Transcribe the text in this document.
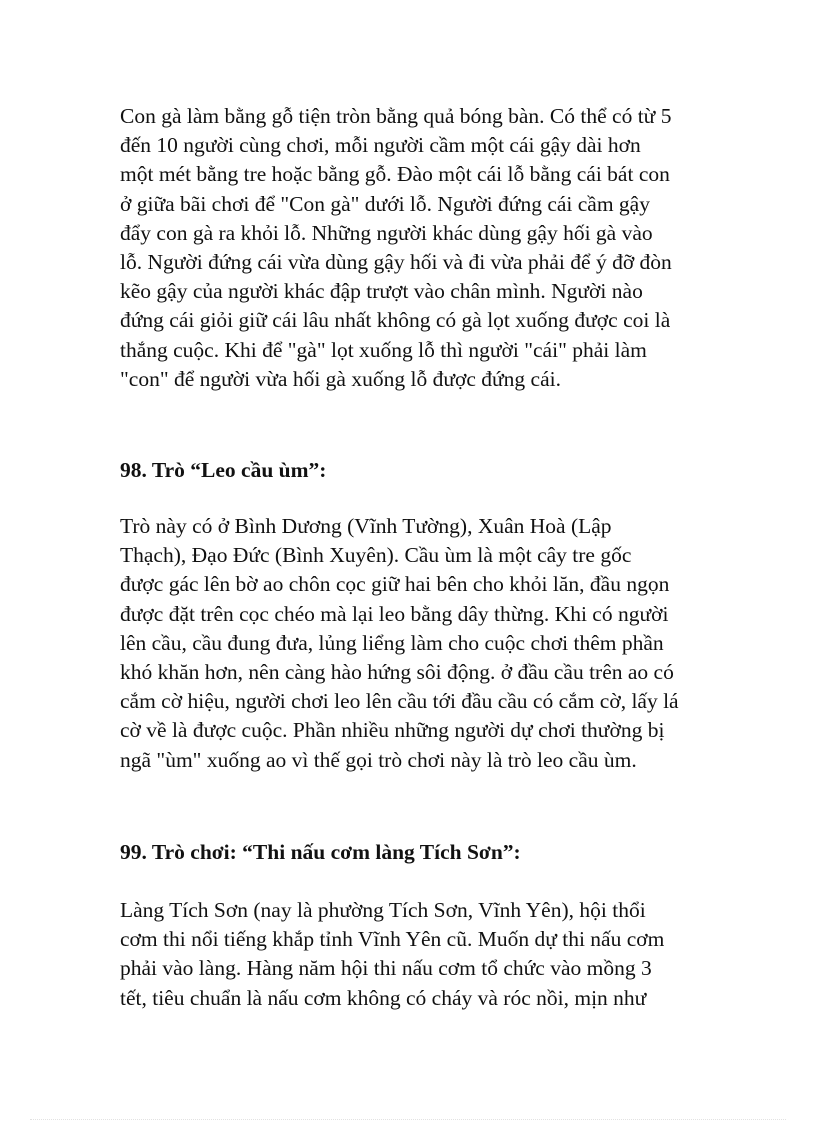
Con gà làm bằng gỗ tiện tròn bằng quả bóng bàn. Có thể có từ 5
đến 10 người cùng chơi, mỗi người cầm một cái gậy dài hơn
một mét bằng tre hoặc bằng gỗ. Đào một cái lỗ bằng cái bát con
ở giữa bãi chơi để "Con gà" dưới lỗ. Người đứng cái cầm gậy
đẩy con gà ra khỏi lỗ. Những người khác dùng gậy hối gà vào
lỗ. Người đứng cái vừa dùng gậy hối và đi vừa phải để ý đỡ đòn
kẽo gậy của người khác đập trượt vào chân mình. Người nào
đứng cái giỏi giữ cái lâu nhất không có gà lọt xuống được coi là
thắng cuộc. Khi để "gà" lọt xuống lỗ thì người "cái" phải làm
"con" để người vừa hối gà xuống lỗ được đứng cái.

98. Trò “Leo cầu ùm”:

Trò này có ở Bình Dương (Vĩnh Tường), Xuân Hoà (Lập
Thạch), Đạo Đức (Bình Xuyên). Cầu ùm là một cây tre gốc
được gác lên bờ ao chôn cọc giữ hai bên cho khỏi lăn, đầu ngọn
được đặt trên cọc chéo mà lại leo bằng dây thừng. Khi có người
lên cầu, cầu đung đưa, lủng liểng làm cho cuộc chơi thêm phần
khó khăn hơn, nên càng hào hứng sôi động. ở đầu cầu trên ao có
cắm cờ hiệu, người chơi leo lên cầu tới đầu cầu có cắm cờ, lấy lá
cờ về là được cuộc. Phần nhiều những người dự chơi thường bị
ngã "ùm" xuống ao vì thế gọi trò chơi này là trò leo cầu ùm.

99. Trò chơi: “Thi nấu cơm làng Tích Sơn”:

Làng Tích Sơn (nay là phường Tích Sơn, Vĩnh Yên), hội thổi
cơm thi nổi tiếng khắp tỉnh Vĩnh Yên cũ. Muốn dự thi nấu cơm
phải vào làng. Hàng năm hội thi nấu cơm tổ chức vào mồng 3
tết, tiêu chuẩn là nấu cơm không có cháy và róc nồi, mịn như
